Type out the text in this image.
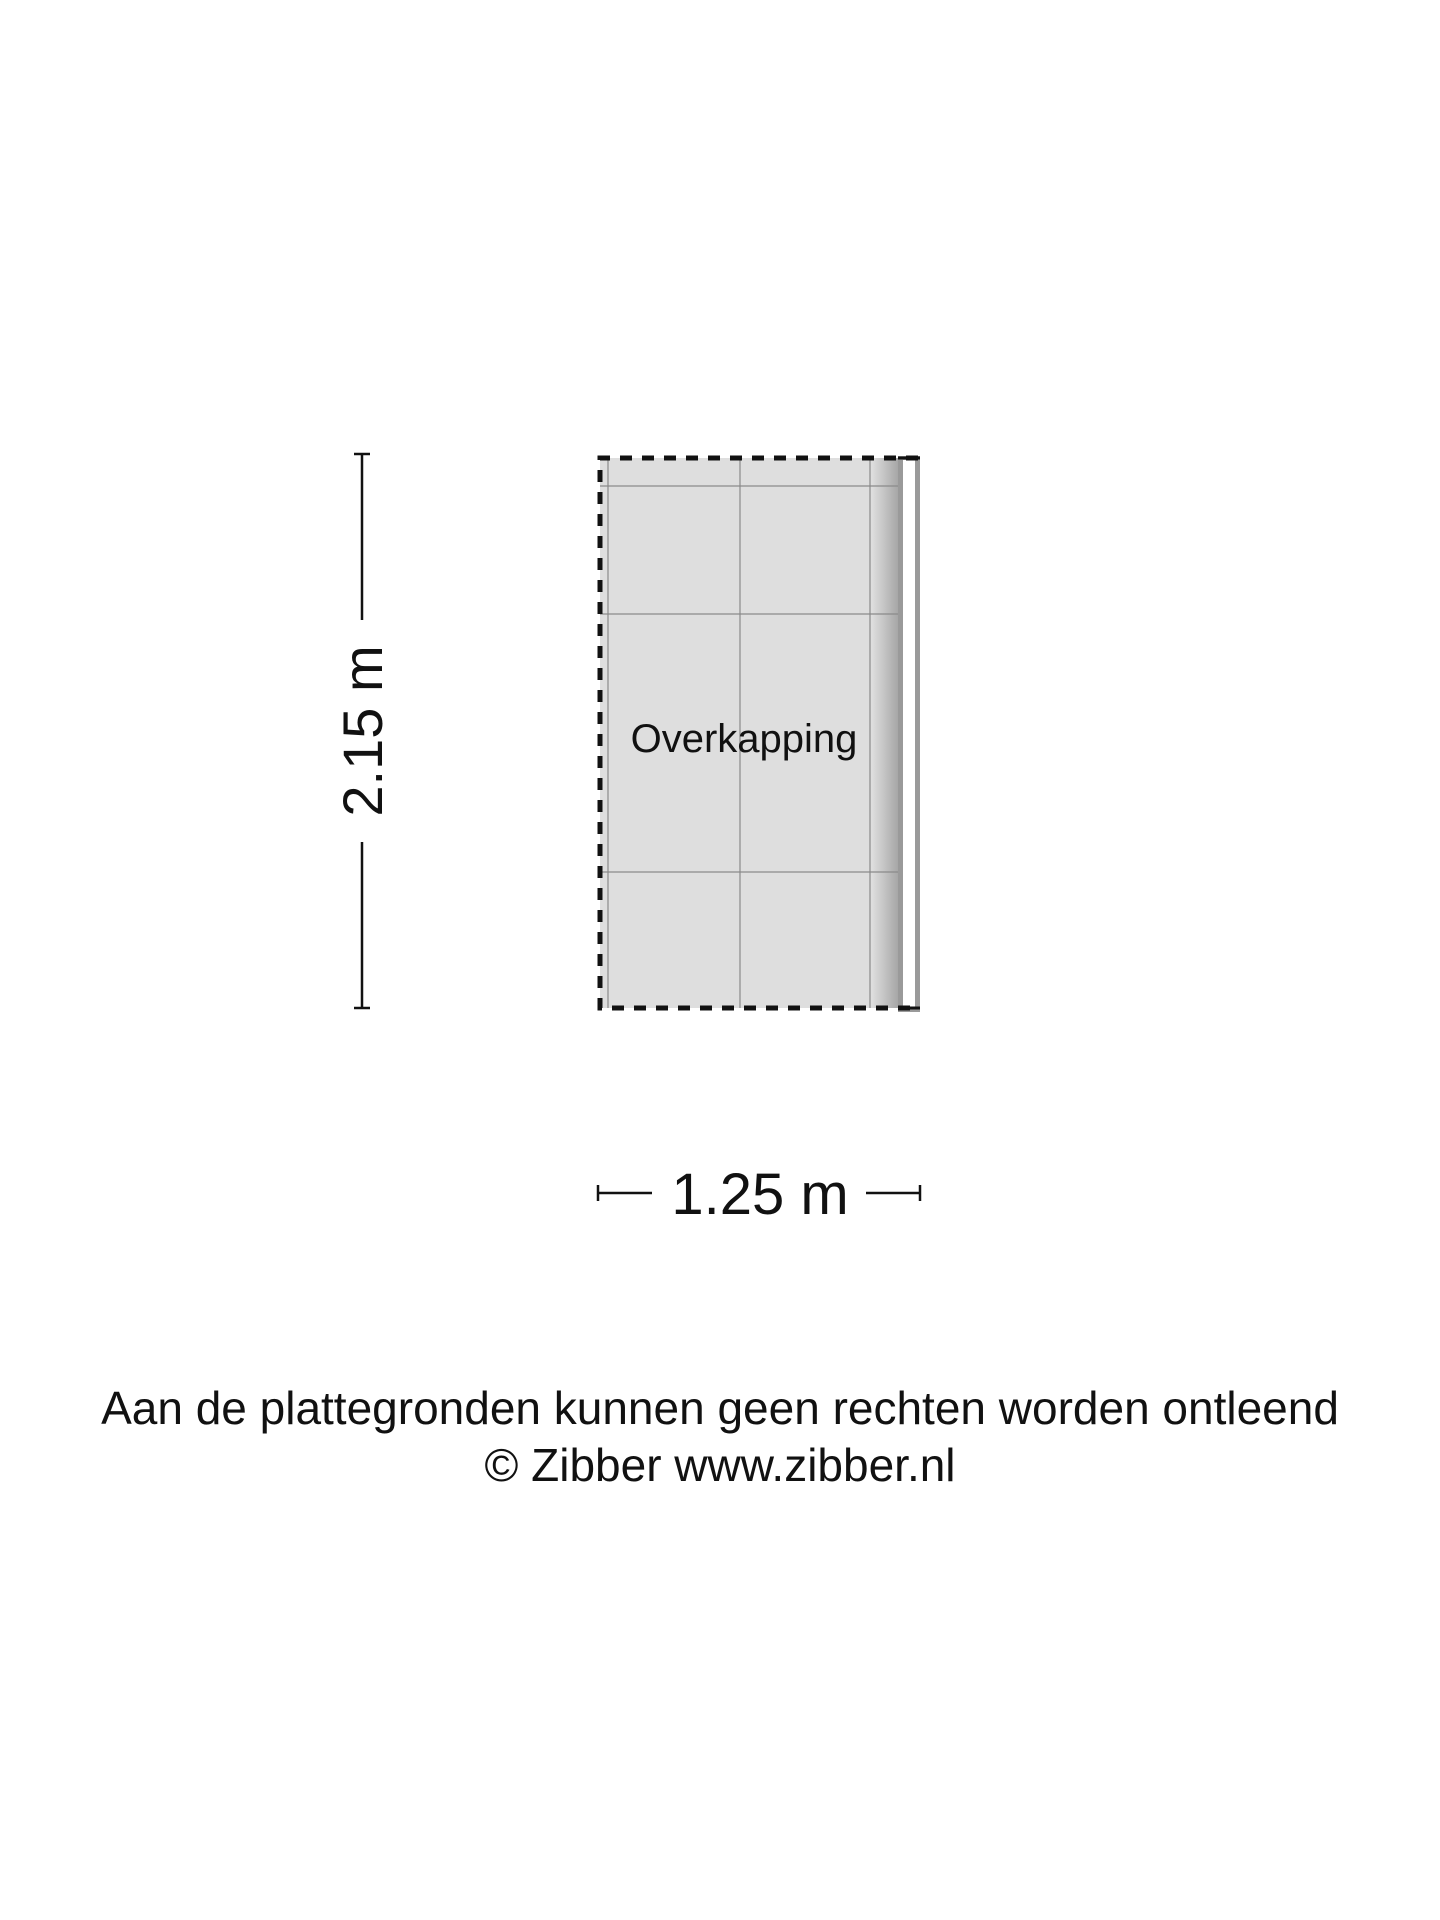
Overkapping
2.15 m
1.25 m
Aan de plattegronden kunnen geen rechten worden ontleend
© Zibber www.zibber.nl
